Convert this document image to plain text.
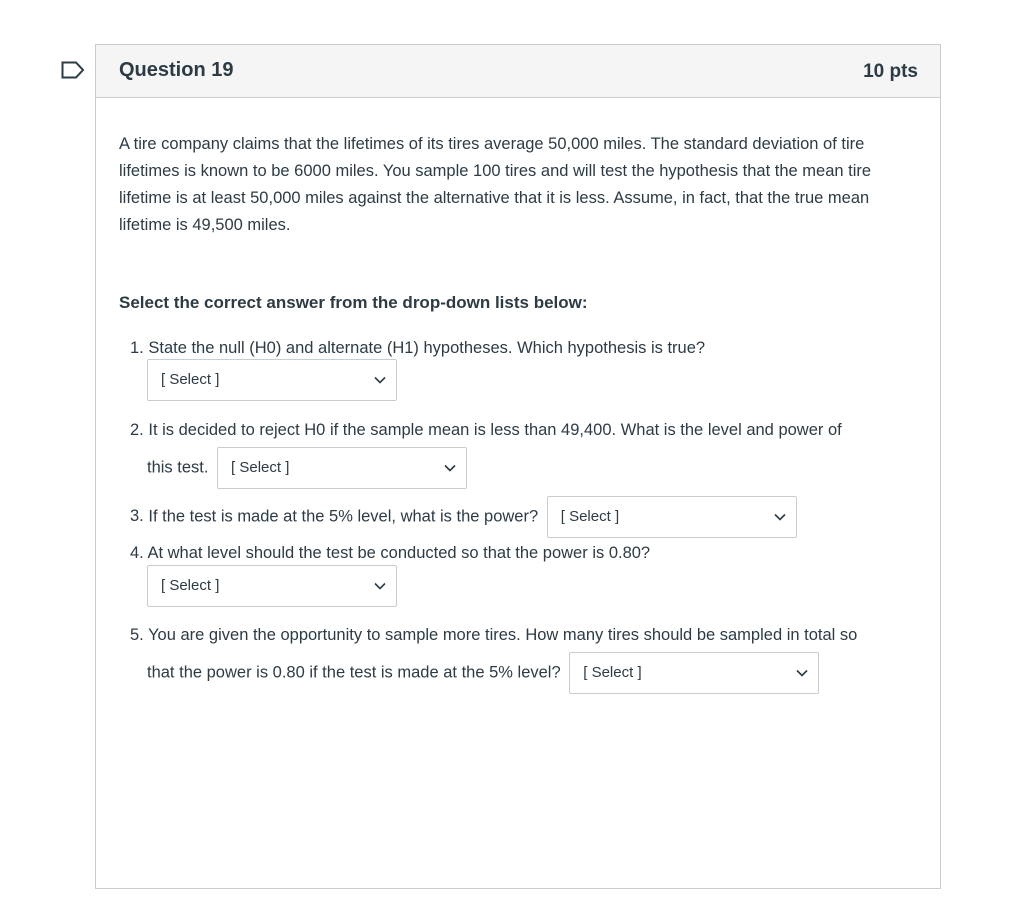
Question 19	10 pts

A tire company claims that the lifetimes of its tires average 50,000 miles. The standard deviation of tire lifetimes is known to be 6000 miles. You sample 100 tires and will test the hypothesis that the mean tire lifetime is at least 50,000 miles against the alternative that it is less. Assume, in fact, that the true mean lifetime is 49,500 miles.

Select the correct answer from the drop-down lists below:

1. State the null (H0) and alternate (H1) hypotheses. Which hypothesis is true?
[ Select ]
2. It is decided to reject H0 if the sample mean is less than 49,400. What is the level and power of
this test. [ Select ]
3. If the test is made at the 5% level, what is the power? [ Select ]
4. At what level should the test be conducted so that the power is 0.80?
[ Select ]
5. You are given the opportunity to sample more tires. How many tires should be sampled in total so
that the power is 0.80 if the test is made at the 5% level? [ Select ]
